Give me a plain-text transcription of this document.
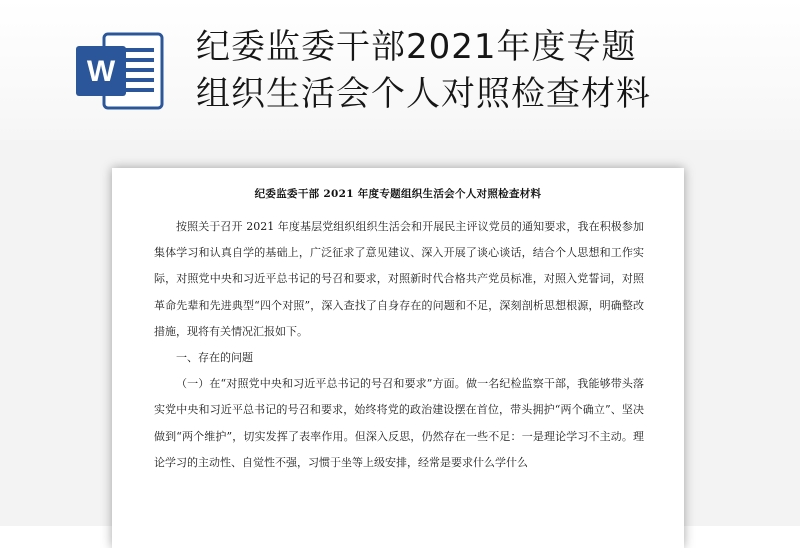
W
纪委监委干部2021年度专题
组织生活会个人对照检查材料
纪委监委干部 2021 年度专题组织生活会个人对照检查材料

按照关于召开 2021 年度基层党组织组织生活会和开展民主评议党员的通知要求，我在积极参加集体学习和认真自学的基础上，广泛征求了意见建议、深入开展了谈心谈话，结合个人思想和工作实际，对照党中央和习近平总书记的号召和要求，对照新时代合格共产党员标准，对照入党誓词，对照革命先辈和先进典型“四个对照”，深入查找了自身存在的问题和不足，深刻剖析思想根源，明确整改措施，现将有关情况汇报如下。

一、存在的问题

（一）在“对照党中央和习近平总书记的号召和要求”方面。做一名纪检监察干部，我能够带头落实党中央和习近平总书记的号召和要求，始终将党的政治建设摆在首位，带头拥护“两个确立”、坚决做到“两个维护”，切实发挥了表率作用。但深入反思，仍然存在一些不足：一是理论学习不主动。理论学习的主动性、自觉性不强，习惯于坐等上级安排，经常是要求什么学什么
